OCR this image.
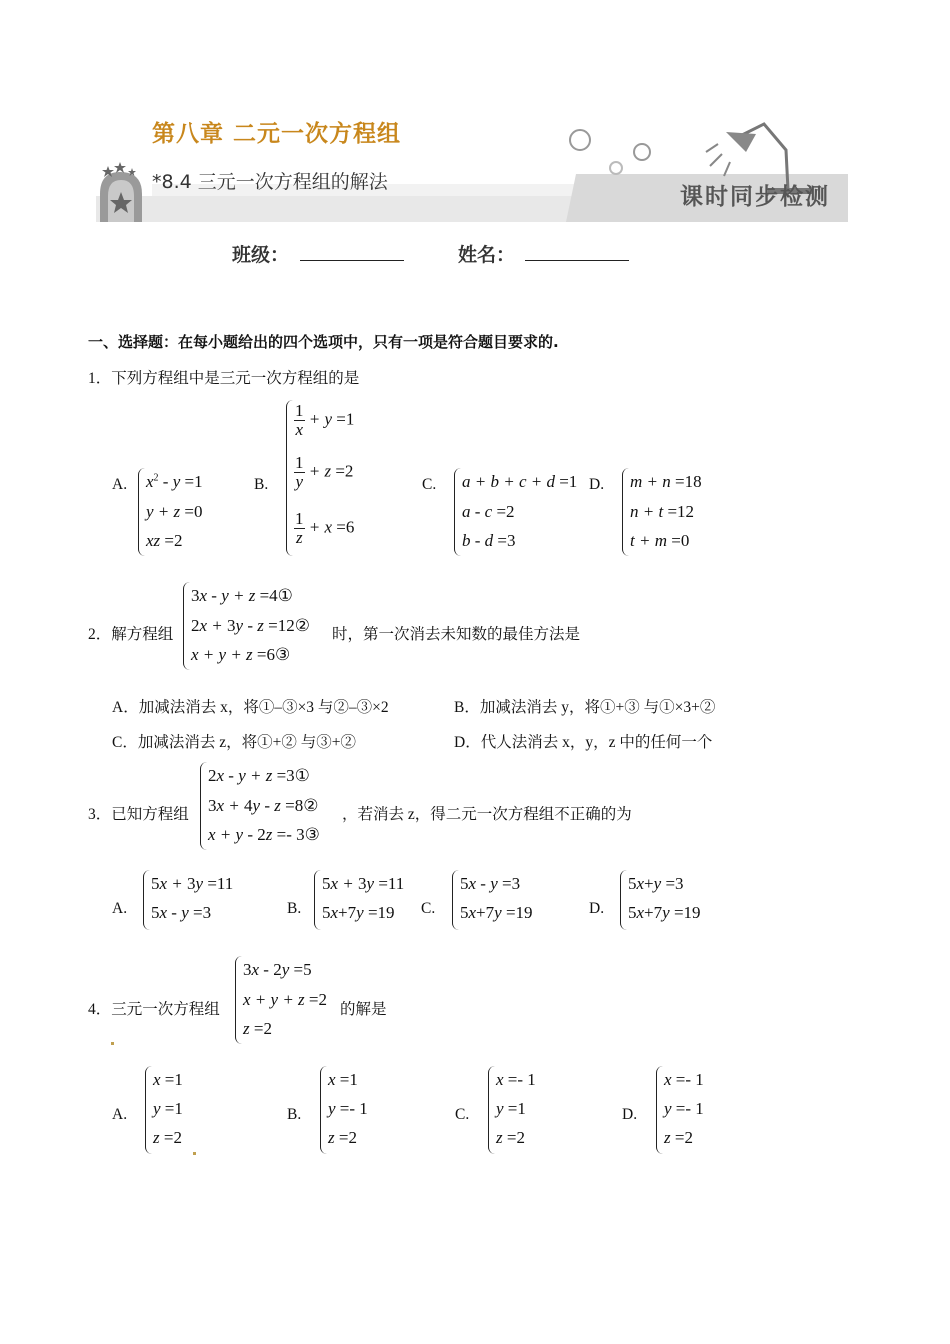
第八章 二元一次方程组
*8.4 三元一次方程组的解法
课时同步检测
班级：	姓名：
一、选择题：在每小题给出的四个选项中，只有一项是符合题目要求的.
1．下列方程组中是三元一次方程组的是
A. $x^2 - y =1$
y + z =0
xz =2
B.
$\frac{1}{x} + y =1$
$\frac{1}{y} + z =2$
$\frac{1}{z} + x =6$
C. a + b + c + d =1
a - c =2
b - d =3
D. m + n =18
n + t =12
t + m =0
2．解方程组
3x - y + z =4①
2x + 3y - z =12②
x + y + z =6③
时，第一次消去未知数的最佳方法是
A．加减法消去 x，将①–③×3 与②–③×2	B．加减法消去 y，将①+③ 与①×3+②
C．加减法消去 z，将①+② 与③+②	D．代人法消去 x，y，z 中的任何一个
3．已知方程组
2x - y + z =3①
3x + 4y - z =8②
x + y - 2z =- 3③
，若消去 z，得二元一次方程组不正确的为
A.
5x + 3y =11
5x - y =3	B.
5x + 3y =11
5x+7y =19 C.
5x - y =3
5x+7y =19	D.
5x+y =3
5x+7y =19
4．三元一次方程组
3x - 2y =5
x + y + z =2
z =2
的解是
A.
x =1
y =1
z =2
B.
x =1
y =- 1
z =2
C.
x =- 1
y =1
z =2
D.
x =- 1
y =- 1
z =2
